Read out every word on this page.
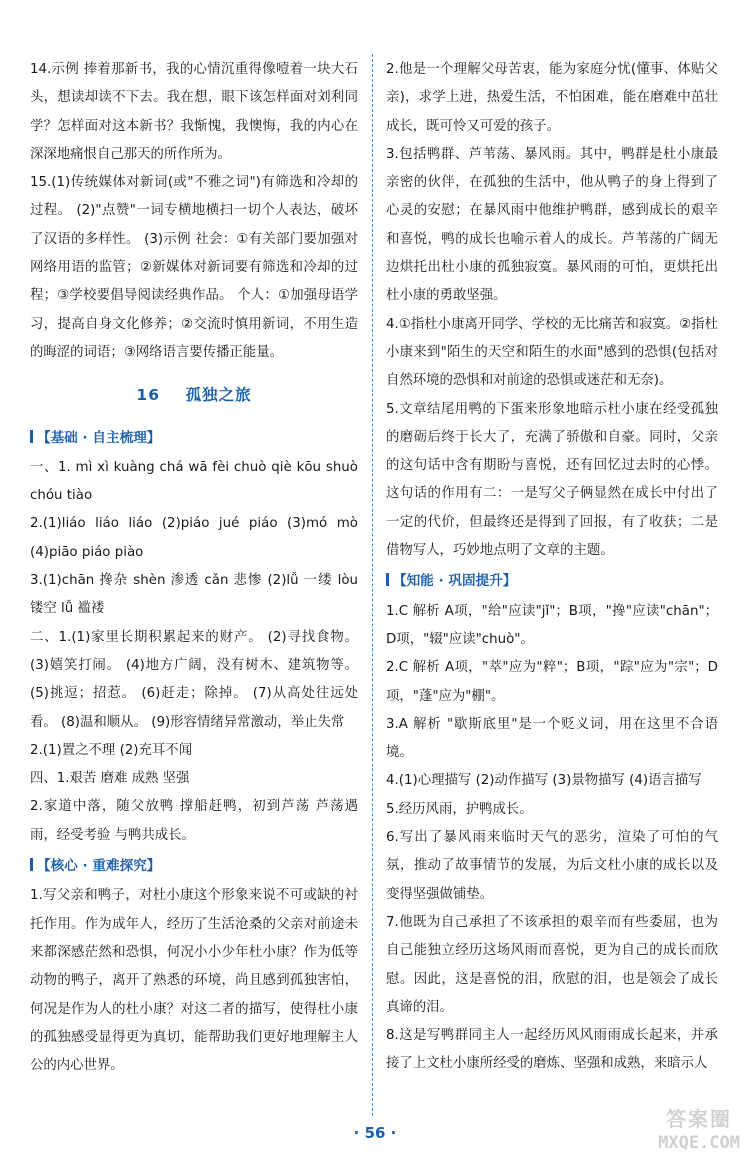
14.示例 捧着那新书，我的心情沉重得像噎着一块大石头，想读却读不下去。我在想，眼下该怎样面对刘利同学？怎样面对这本新书？我惭愧，我懊悔，我的内心在深深地痛恨自己那天的所作所为。

15.(1)传统媒体对新词(或"不雅之词")有筛选和冷却的过程。 (2)"点赞"一词专横地横扫一切个人表达，破坏了汉语的多样性。 (3)示例 社会：①有关部门要加强对网络用语的监管；②新媒体对新词要有筛选和冷却的过程；③学校要倡导阅读经典作品。 个人：①加强母语学习，提高自身文化修养；②交流时慎用新词，不用生造的晦涩的词语；③网络语言要传播正能量。

16 孤独之旅
【基础 · 自主梳理】

一、1. mì xì kuàng chá wā fèi chuò qiè kōu shuò chóu tiào

2.(1)liáo liáo liáo (2)piáo jué piáo (3)mó mò (4)piāo piáo piào

3.(1)chān 搀杂 shèn 渗透 cǎn 悲惨 (2)lǚ 一缕 lòu 镂空 lǚ 褴褛

二、1.(1)家里长期积累起来的财产。 (2)寻找食物。 (3)嬉笑打闹。 (4)地方广阔，没有树木、建筑物等。 (5)挑逗；招惹。 (6)赶走；除掉。 (7)从高处往远处看。 (8)温和顺从。 (9)形容情绪异常激动，举止失常

2.(1)置之不理 (2)充耳不闻

四、1.艰苦 磨难 成熟 坚强

2.家道中落，随父放鸭 撑船赶鸭，初到芦荡 芦荡遇雨，经受考验 与鸭共成长。

【核心 · 重难探究】

1.写父亲和鸭子，对杜小康这个形象来说不可或缺的衬托作用。作为成年人，经历了生活沧桑的父亲对前途未来都深感茫然和恐惧，何况小小少年杜小康？作为低等动物的鸭子，离开了熟悉的环境，尚且感到孤独害怕，何况是作为人的杜小康？对这二者的描写，使得杜小康的孤独感受显得更为真切，能帮助我们更好地理解主人公的内心世界。

2.他是一个理解父母苦衷，能为家庭分忧(懂事、体贴父亲)，求学上进，热爱生活，不怕困难，能在磨难中茁壮成长，既可怜又可爱的孩子。

3.包括鸭群、芦苇荡、暴风雨。其中，鸭群是杜小康最亲密的伙伴，在孤独的生活中，他从鸭子的身上得到了心灵的安慰；在暴风雨中他维护鸭群，感到成长的艰辛和喜悦，鸭的成长也喻示着人的成长。芦苇荡的广阔无边烘托出杜小康的孤独寂寞。暴风雨的可怕，更烘托出杜小康的勇敢坚强。

4.①指杜小康离开同学、学校的无比痛苦和寂寞。②指杜小康来到"陌生的天空和陌生的水面"感到的恐惧(包括对自然环境的恐惧和对前途的恐惧或迷茫和无奈)。

5.文章结尾用鸭的下蛋来形象地暗示杜小康在经受孤独的磨砺后终于长大了，充满了骄傲和自豪。同时，父亲的这句话中含有期盼与喜悦，还有回忆过去时的心悸。这句话的作用有二：一是写父子俩显然在成长中付出了一定的代价，但最终还是得到了回报，有了收获；二是借物写人，巧妙地点明了文章的主题。

【知能 · 巩固提升】

1.C 解析 A项，"给"应读"jǐ"；B项，"搀"应读"chān"；D项，"辍"应读"chuò"。

2.C 解析 A项，"萃"应为"粹"；B项，"踪"应为"宗"；D项，"蓬"应为"棚"。

3.A 解析 "歇斯底里"是一个贬义词，用在这里不合语境。

4.(1)心理描写 (2)动作描写 (3)景物描写 (4)语言描写

5.经历风雨，护鸭成长。

6.写出了暴风雨来临时天气的恶劣，渲染了可怕的气氛，推动了故事情节的发展，为后文杜小康的成长以及变得坚强做铺垫。

7.他既为自己承担了不该承担的艰辛而有些委屈，也为自己能独立经历这场风雨而喜悦，更为自己的成长而欣慰。因此，这是喜悦的泪，欣慰的泪，也是领会了成长真谛的泪。

8.这是写鸭群同主人一起经历风风雨雨成长起来，并承接了上文杜小康所经受的磨炼、坚强和成熟，来暗示人

· 56 ·
答案圈
MXQE.COM
